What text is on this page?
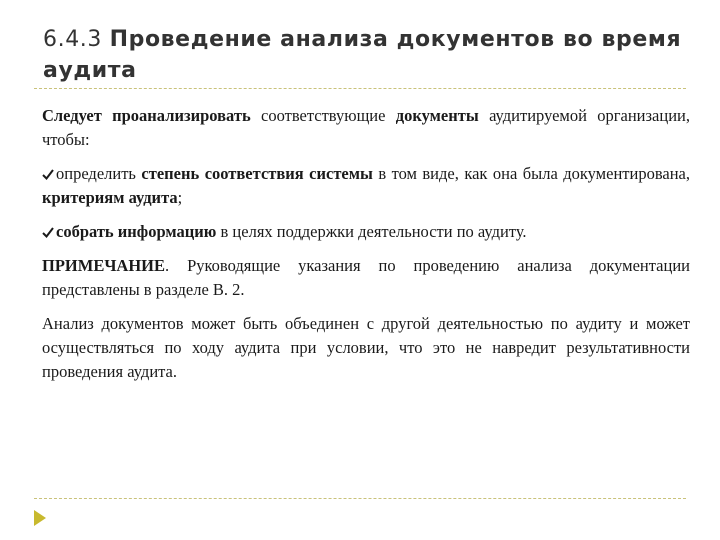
6.4.3 Проведение анализа документов во время аудита

Следует проанализировать соответствующие документы аудитируемой организации, чтобы:

определить степень соответствия системы в том виде, как она была документирована, критериям аудита;

собрать информацию в целях поддержки деятельности по аудиту.

ПРИМЕЧАНИЕ. Руководящие указания по проведению анализа документации представлены в разделе В. 2.

Анализ документов может быть объединен с другой деятельностью по аудиту и может осуществляться по ходу аудита при условии, что это не навредит результативности проведения аудита.
